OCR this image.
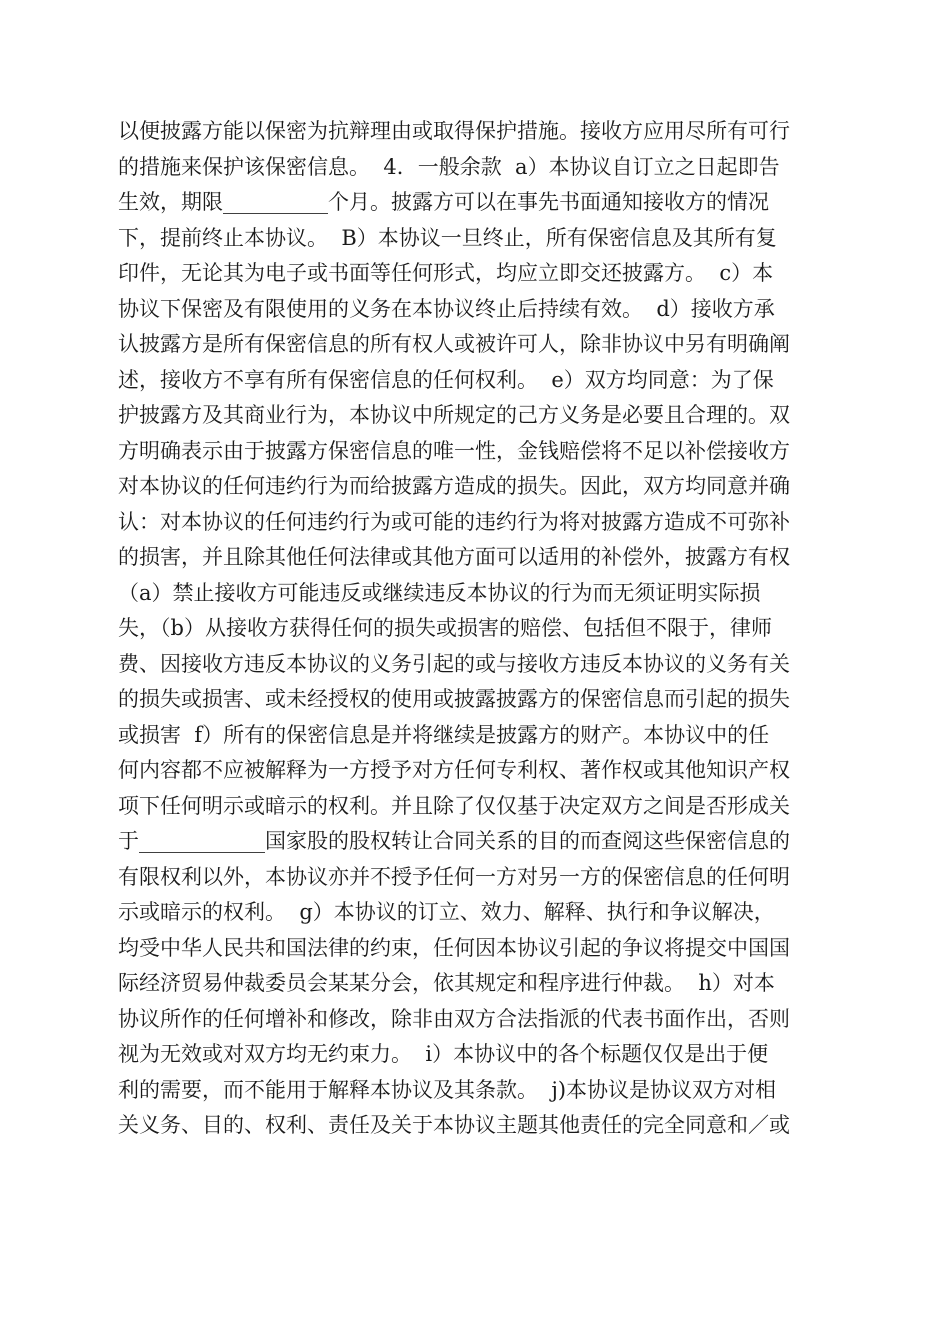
以便披露方能以保密为抗辩理由或取得保护措施。接收方应用尽所有可行
的措施来保护该保密信息。  4．一般余款  a）本协议自订立之日起即告
生效，期限__________个月。披露方可以在事先书面通知接收方的情况
下，提前终止本协议。  B）本协议一旦终止，所有保密信息及其所有复
印件，无论其为电子或书面等任何形式，均应立即交还披露方。  c）本
协议下保密及有限使用的义务在本协议终止后持续有效。  d）接收方承
认披露方是所有保密信息的所有权人或被许可人，除非协议中另有明确阐
述，接收方不享有所有保密信息的任何权利。  e）双方均同意：为了保
护披露方及其商业行为，本协议中所规定的己方义务是必要且合理的。双
方明确表示由于披露方保密信息的唯一性，金钱赔偿将不足以补偿接收方
对本协议的任何违约行为而给披露方造成的损失。因此，双方均同意并确
认：对本协议的任何违约行为或可能的违约行为将对披露方造成不可弥补
的损害，并且除其他任何法律或其他方面可以适用的补偿外，披露方有权
（a）禁止接收方可能违反或继续违反本协议的行为而无须证明实际损
失，（b）从接收方获得任何的损失或损害的赔偿、包括但不限于，律师
费、因接收方违反本协议的义务引起的或与接收方违反本协议的义务有关
的损失或损害、或未经授权的使用或披露披露方的保密信息而引起的损失
或损害  f）所有的保密信息是并将继续是披露方的财产。本协议中的任
何内容都不应被解释为一方授予对方任何专利权、著作权或其他知识产权
项下任何明示或暗示的权利。并且除了仅仅基于决定双方之间是否形成关
于____________国家股的股权转让合同关系的目的而查阅这些保密信息的
有限权利以外，本协议亦并不授予任何一方对另一方的保密信息的任何明
示或暗示的权利。  g）本协议的订立、效力、解释、执行和争议解决，
均受中华人民共和国法律的约束，任何因本协议引起的争议将提交中国国
际经济贸易仲裁委员会某某分会，依其规定和程序进行仲裁。  h）对本
协议所作的任何增补和修改，除非由双方合法指派的代表书面作出，否则
视为无效或对双方均无约束力。  i）本协议中的各个标题仅仅是出于便
利的需要，而不能用于解释本协议及其条款。  j)本协议是协议双方对相
关义务、目的、权利、责任及关于本协议主题其他责任的完全同意和／或
